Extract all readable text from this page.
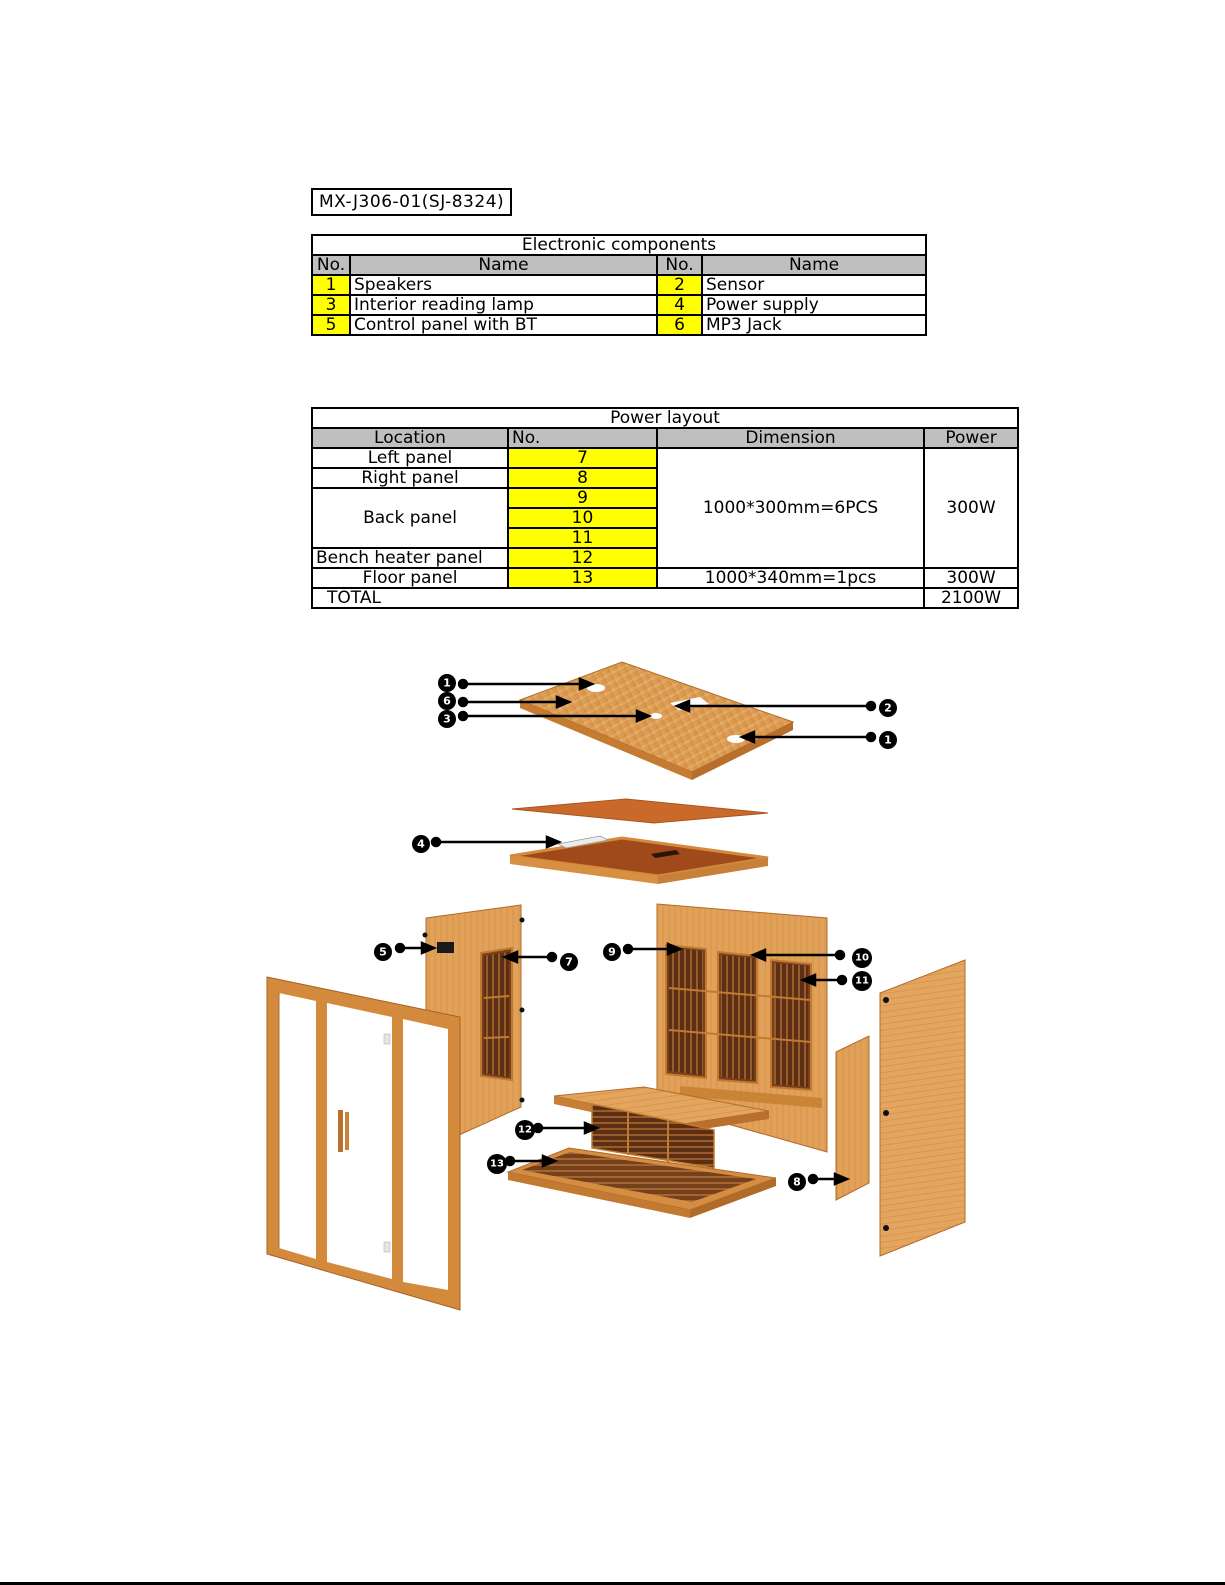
MX-J306-01(SJ-8324)
Electronic components			
No.	Name	No.	Name
1	Speakers	2	Sensor
3	Interior reading lamp	4	Power supply
5	Control panel with BT	6	MP3 Jack
Power layout			
Location	No.	Dimension	Power
Left panel	7	1000*300mm=6PCS	300W
Right panel	8		
Back panel	9		
	10		
	11		
Bench heater panel	12		
Floor panel	13	1000*340mm=1pcs	300W
TOTAL			2100W
1
6
3
2
1
4
5
7
9	10
11
12
13
8
